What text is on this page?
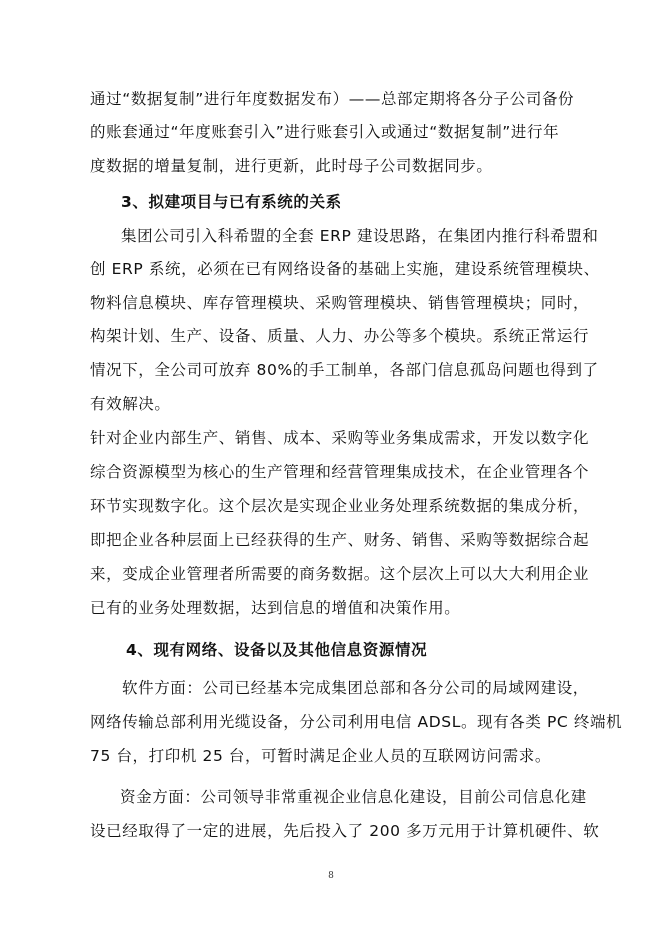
通过“数据复制”进行年度数据发布）——总部定期将各分子公司备份
的账套通过“年度账套引入”进行账套引入或通过“数据复制”进行年
度数据的增量复制，进行更新，此时母子公司数据同步。
3、拟建项目与已有系统的关系
集团公司引入科希盟的全套 ERP 建设思路，在集团内推行科希盟和
创 ERP 系统，必须在已有网络设备的基础上实施，建设系统管理模块、
物料信息模块、库存管理模块、采购管理模块、销售管理模块；同时，
构架计划、生产、设备、质量、人力、办公等多个模块。系统正常运行
情况下，全公司可放弃 80%的手工制单，各部门信息孤岛问题也得到了
有效解决。
针对企业内部生产、销售、成本、采购等业务集成需求，开发以数字化
综合资源模型为核心的生产管理和经营管理集成技术，在企业管理各个
环节实现数字化。这个层次是实现企业业务处理系统数据的集成分析，
即把企业各种层面上已经获得的生产、财务、销售、采购等数据综合起
来，变成企业管理者所需要的商务数据。这个层次上可以大大利用企业
已有的业务处理数据，达到信息的增值和决策作用。
4、现有网络、设备以及其他信息资源情况
软件方面：公司已经基本完成集团总部和各分公司的局域网建设，
网络传输总部利用光缆设备，分公司利用电信 ADSL。现有各类 PC 终端机
75 台，打印机 25 台，可暂时满足企业人员的互联网访问需求。
资金方面：公司领导非常重视企业信息化建设，目前公司信息化建
设已经取得了一定的进展，先后投入了 200 多万元用于计算机硬件、软
8
